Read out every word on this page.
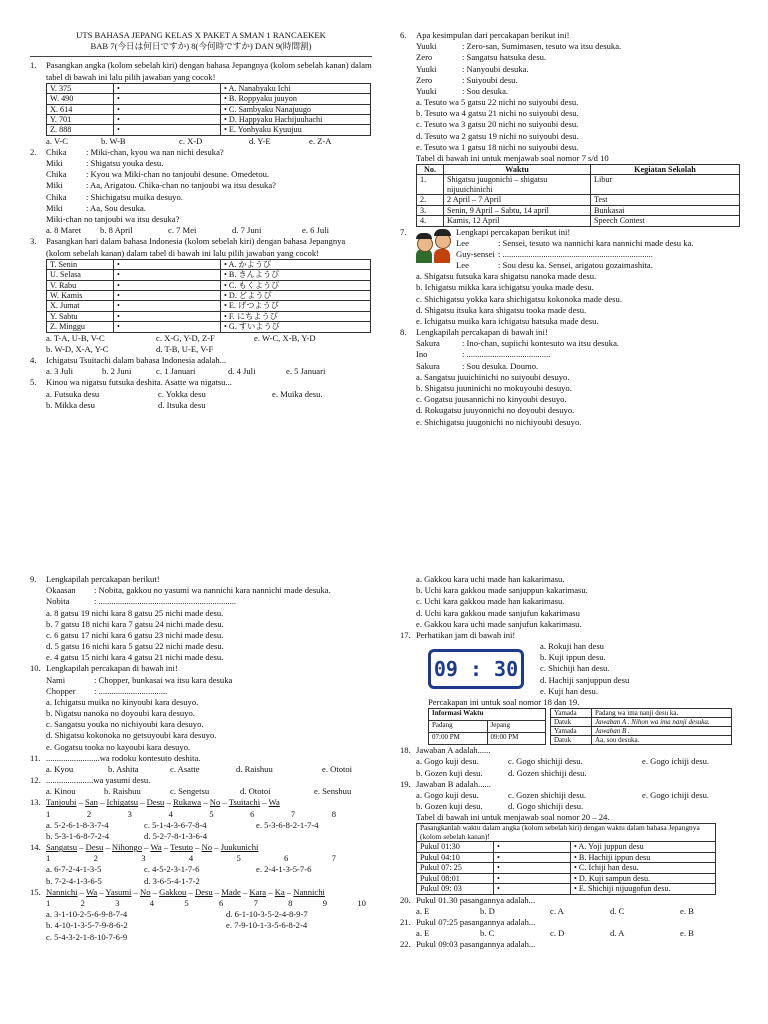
UTS BAHASA JEPANG KELAS X PAKET A SMAN 1 RANCAEKEK
BAB 7(今日は何日ですか) 8(今何時ですか) DAN 9(時間割)
1.	Pasangkan angka (kolom sebelah kiri) dengan bahasa Jepangnya (kolom sebelah kanan) dalam tabel di bawah ini lalu pilih jawaban yang cocok!
V. 375	•	• A. Nanahyaku Ichi
W. 490	•	• B. Roppyaku juuyon
X. 614	•	• C. Sambyaku Nanajuugo
Y. 701	•	• D. Happyaku Hachijuuhachi
Z. 888	•	• E. Yonhyaku Kyuujuu
a. V-C	b. W-B	c. X-D	d. Y-E	e. Z-A
2.	Chika	: Miki-chan, kyou wa nan nichi desuka?
Miki	: Shigatsu youka desu.
Chika	: Kyou wa Miki-chan no tanjoubi desune. Omedetou.
Miki	: Aa, Arigatou. Chika-chan no tanjoubi wa itsu desuka?
Chika	: Shichigatsu muika desuyo.
Miki	: Aa, Sou desuka.
Miki-chan no tanjoubi wa itsu desuka?
a. 8 Maret	b. 8 April	c. 7 Mei	d. 7 Juni	e. 6 Juli
3.	Pasangkan hari dalam bahasa Indonesia (kolom sebelah kiri) dengan bahasa Jepangnya (kolom sebelah kanan) dalam tabel di bawah ini lalu pilih jawaban yang cocok!
T. Senin	•	• A. かようび
U. Selasa	•	• B. きんようび
V. Rabu	•	• C. もくようび
W. Kamis	•	• D. どようび
X. Jumat	•	• E. げつようび
Y. Sabtu	•	• F. にちようび
Z. Minggu	•	• G. すいようび
a. T-A, U-B, V-C	c. X-G, Y-D, Z-F	e. W-C, X-B, Y-D
b. W-D, X-A, Y-C	d. T-B, U-E, V-F
4.	Ichigatsu Tsuitachi dalam bahasa Indonesia adalah...
a. 3 Juli	b. 2 Juni	c. 1 Januari	d. 4 Juli	e. 5 Januari
5.	Kinou wa nigatsu futsuka deshita. Asatte wa nigatsu...
a. Futsuka desu	c. Yokka desu	e. Muika desu.
b. Mikka desu	d. Itsuka desu
6.	Apa kesimpulan dari percakapan berikut ini!
Yuuki	: Zero-san, Sumimasen, tesuto wa itsu desuka.
Zero	: Sangatsu hatsuka desu.
Yuuki	: Nanyoubi desuka.
Zero	: Suiyoubi desu.
Yuuki	: Sou desuka.
a. Tesuto wa 5 gatsu 22 nichi no suiyoubi desu.
b. Tesuto wa 4 gatsu 21 nichi no suiyoubi desu.
c. Tesuto wa 3 gatsu 20 nichi no suiyoubi desu.
d. Tesuto wa 2 gatsu 19 nichi no suiyoubi desu.
e. Tesuto wa 1 gatsu 18 nichi no suiyoubi desu.
Tabel di bawah ini untuk menjawab soal nomor 7 s/d 10
No.	Waktu	Kegiatan Sekolah
1.	Shigatsu juugonichi – shigatsu nijuuichinichi	Libur
2.	2 April – 7 April	Test
3.	Senin, 9 April – Sabtu, 14 april	Bunkasai
4.	Kamis, 12 April	Speech Contest
7.	Lengkapi percakapan berikut ini!
Lee	: Sensei, tesuto wa nannichi kara nannichi made desu ka.
Guy-sensei : ......................................................................
Lee	: Sou desu ka. Sensei, arigatou gozaimashita.
a. Shigatsu futsuka kara shigatsu nanoka made desu.
b. Ichigatsu mikka kara ichigatsu youka made desu.
c. Shichigatsu yokka kara shichigatsu kokonoka made desu.
d. Shigatsu itsuka kara shigatsu tooka made desu.
e. Ichigatsu muika kara ichigatsu hatsuka made desu.
8.	Lengkapilah percakapan di bawah ini!
Sakura	: Ino-chan, supiichi kontesuto wa itsu desuka.
Ino	: .......................................
Sakura	: Sou desuka. Doumo.
a. Sangatsu juuichinichi no suiyoubi desuyo.
b. Shigatsu juuninichi no mokuyoubi desuyo.
c. Gogatsu juusannichi no kinyoubi desuyo.
d. Rokugatsu juuyonnichi no doyoubi desuyo.
e. Shichigatsu juugonichi no nichiyoubi desuyo.
9.	Lengkapilah percakapan berikut!
Okaasan	: Nobita, gakkou no yasumi wa nannichi kara nannichi made desuka.
Nobita	: ................................................................
a. 8 gatsu 19 nichi kara 8 gatsu 25 nichi made desu.
b. 7 gatsu 18 nichi kara 7 gatsu 24 nichi made desu.
c. 6 gatsu 17 nichi kara 6 gatsu 23 nichi made desu.
d. 5 gatsu 16 nichi kara 5 gatsu 22 nichi made desu.
e. 4 gatsu 15 nichi kara 4 gatsu 21 nichi made desu.
10. Lengkapilah percakapan di bawah ini!
Nami	: Chopper, bunkasai wa itsu kara desuka
Chopper	: ................................
a. Ichigatsu muika no kinyoubi kara desuyo.
b. Nigatsu nanoka no doyoubi kara desuyo.
c. Sangatsu youka no nichiyoubi kara desuyo.
d. Shigatsu kokonoka no getsuyoubi kara desuyo.
e. Gogatsu tooka no kayoubi kara desuyo.
11. .........................wa rodoku kontesuto deshita.
a. Kyou	b. Ashita	c. Asatte	d. Raishuu	e. Ototoi
12. ......................wa yasumi desu.
a. Kinou	b. Raishuu	c. Sengetsu	d. Ototoi	e. Senshuu
13. Tanjoubi – San – Ichigatsu – Desu – Rukawa – No – Tsuitachi – Wa
1	2	3	4	5	6	7	8
a. 5-2-6-1-8-3-7-4	c. 5-1-4-3-6-7-8-4	e. 5-3-6-8-2-1-7-4
b. 5-3-1-6-8-7-2-4	d. 5-2-7-8-1-3-6-4
14. Sangatsu – Desu – Nihongo – Wa – Tesuto – No – Juukunichi
1	2	3	4	5	6	7
a. 6-7-2-4-1-3-5	c. 4-5-2-3-1-7-6	e. 2-4-1-3-5-7-6
b. 7-2-4-1-3-6-5	d. 3-6-5-4-1-7-2
15. Nannichi – Wa – Yasumi – No – Gakkou – Desu – Made – Kara – Ka – Nannichi
1	2	3	4	5	6	7	8	9	10
a. 3-1-10-2-5-6-9-8-7-4	d. 6-1-10-3-5-2-4-8-9-7
b. 4-10-1-3-5-7-9-8-6-2	e. 7-9-10-1-3-5-6-8-2-4
c. 5-4-3-2-1-8-10-7-6-9
a. Gakkou kara uchi made han kakarimasu.
b. Uchi kara gakkou made sanjuppun kakarimasu.
c. Uchi kara gakkou made han kakarimasu.
d. Uchi kara gakkou made sanjufun kakarimasu
e. Gakkou kara uchi made sanjufun kakarimasu.
17. Perhatikan jam di bawah ini!
09 : 30
a. Rokuji han desu
b. Kuji ippun desu.
c. Shichiji han desu.
d. Hachiji sanjuppun desu
e. Kuji han desu.
Percakapan ini untuk soal nomor 18 dan 19.
Informasi Waktu	
Padang	Jepang
07:00 PM	09:00 PM
Yamada	Padang wa ima nanji desu ka.
Datuk	Jawaban A . Nihon wa ima nanji desuka.
Yamada	Jawaban B .
Datuk	Aa, sou desuka.
18. Jawaban A adalah......
a. Gogo kuji desu.	c. Gogo shichiji desu.	e. Gogo ichiji desu.
b. Gozen kuji desu.	d. Gozen shichiji desu.
19. Jawaban B adalah......
a. Gogo kuji desu.	c. Gozen shichiji desu.	e. Gogo ichiji desu.
b. Gozen kuji desu.	d. Gogo shichiji desu.
Tabel di bawah ini untuk menjawab soal nomor 20 – 24.
Pasangkanlah waktu dalam angka (kolom sebelah kiri) dengan waktu dalam bahasa Jepangnya (kolom sebelah kanan)!		
Pukul 01:30	•	• A. Yoji juppun desu
Pukul 04:10	•	• B. Hachiji ippun desu
Pukul 07: 25	•	• C. Ichiji han desu.
Pukul 08:01	•	• D. Kuji sampun desu.
Pukul 09: 03	•	• E. Shichiji nijuugofun desu.
20. Pukul 01.30 pasangannya adalah...
a. E	b. D	c. A	d. C	e. B
21. Pukul 07:25 pasangannya adalah...
a. E	b. C	c. D	d. A	e. B
22. Pukul 09:03 pasangannya adalah...
